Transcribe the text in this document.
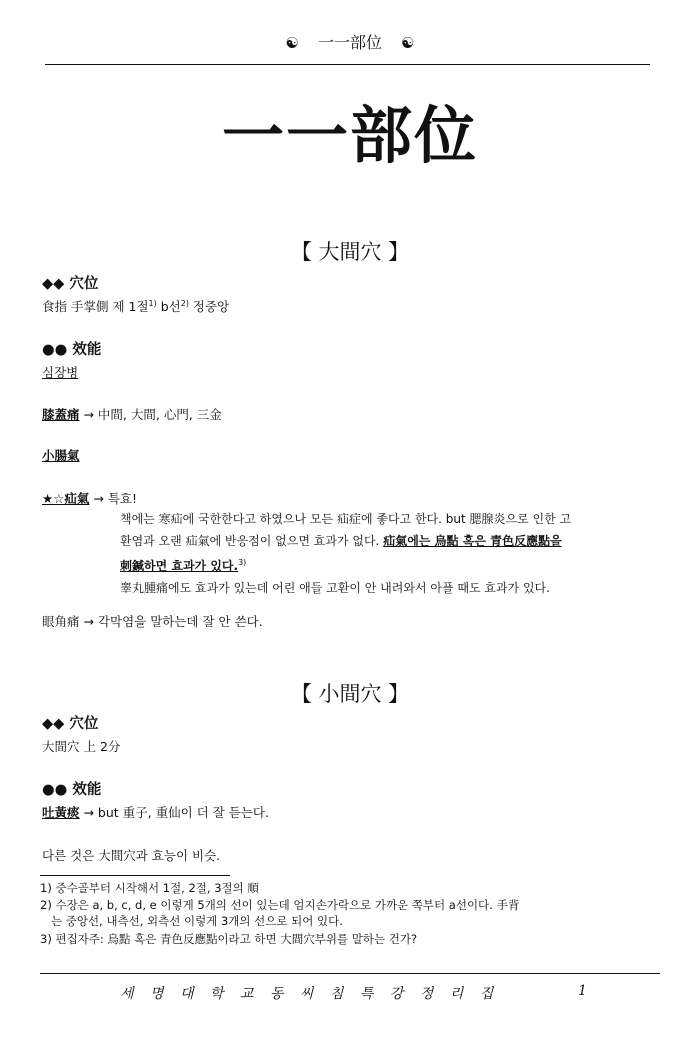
☯ 一一部位 ☯
一一部位
【 大間穴 】
◆◆ 穴位
食指 手掌側 제 1절$^{1)}$ b선$^{2)}$ 정중앙
●● 效能
심장병
膝蓋痛 → 中間, 大間, 心門, 三金
小腸氣
★☆疝氣 → 특효!
책에는 寒疝에 국한한다고 하였으나 모든 疝症에 좋다고 한다. but 腮腺炎으로 인한 고
환염과 오랜 疝氣에 반응점이 없으면 효과가 없다. 疝氣에는 烏點 혹은 青色反應點을
刺鍼하면 효과가 있다.$^{3)}$
睾丸腫痛에도 효과가 있는데 어린 애들 고환이 안 내려와서 아플 때도 효과가 있다.
眼角痛 → 각막염을 말하는데 잘 안 쓴다.
【 小間穴 】
◆◆ 穴位
大間穴 上 2分
●● 效能
吐黃痰 → but 重子, 重仙이 더 잘 듣는다.
다른 것은 大間穴과 효능이 비슷.
1) 중수골부터 시작해서 1절, 2절, 3절의 順
2) 수장은 a, b, c, d, e 이렇게 5개의 선이 있는데 엄지손가락으로 가까운 쪽부터 a선이다. 手背
는 중앙선, 내측선, 외측선 이렇게 3개의 선으로 되어 있다.
3) 편집자주: 烏點 혹은 青色反應點이라고 하면 大間穴부위를 말하는 건가?
세 명 대 학 교 동 씨 침 특 강 정 리 집	1
